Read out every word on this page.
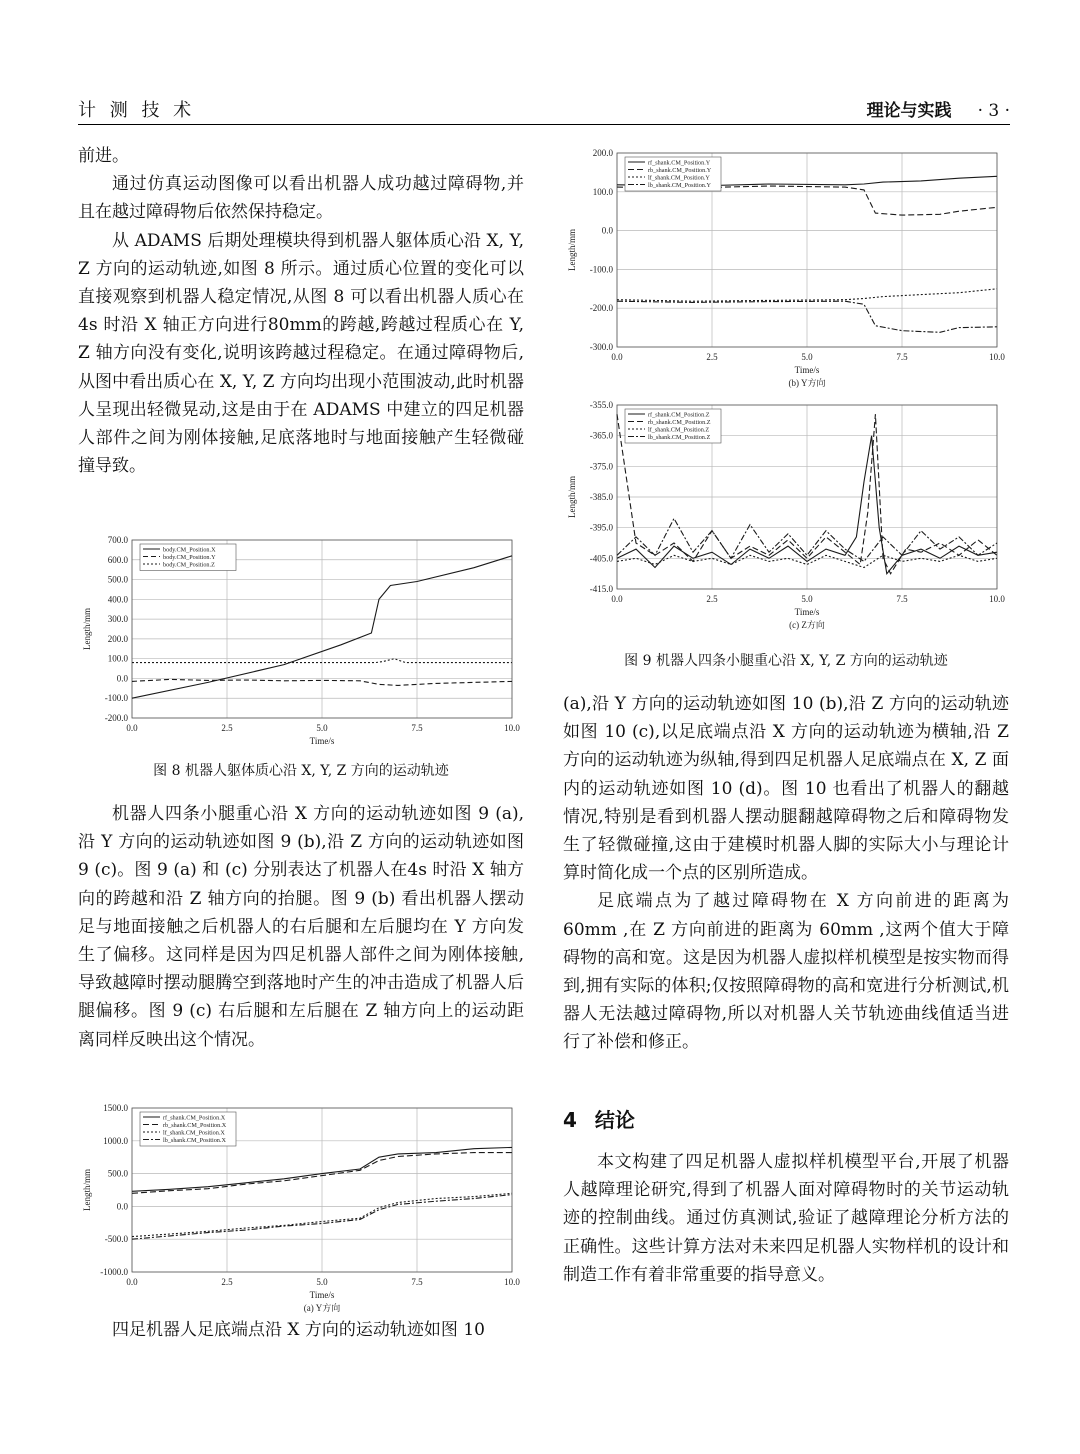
计 测 技 术	理论与实践 · 3 ·

前进。

通过仿真运动图像可以看出机器人成功越过障碍物,并且在越过障碍物后依然保持稳定。

从 ADAMS 后期处理模块得到机器人躯体质心沿 X, Y, Z 方向的运动轨迹,如图 8 所示。通过质心位置的变化可以直接观察到机器人稳定情况,从图 8 可以看出机器人质心在4s 时沿 X 轴正方向进行80mm的跨越,跨越过程质心在 Y, Z 轴方向没有变化,说明该跨越过程稳定。在通过障碍物后,从图中看出质心在 X, Y, Z 方向均出现小范围波动,此时机器人呈现出轻微晃动,这是由于在 ADAMS 中建立的四足机器人部件之间为刚体接触,足底落地时与地面接触产生轻微碰撞导致。

-200.0
-100.0
0.0
100.0
200.0
300.0
400.0
500.0
600.0
700.0
0.0	2.5	5.0	7.5	10.0
Time/s
Length/mm
body.CM_Position.X
body.CM_Position.Y
body.CM_Position.Z
图 8 机器人躯体质心沿 X, Y, Z 方向的运动轨迹

机器人四条小腿重心沿 X 方向的运动轨迹如图 9 (a),沿 Y 方向的运动轨迹如图 9 (b),沿 Z 方向的运动轨迹如图 9 (c)。图 9 (a) 和 (c) 分别表达了机器人在4s 时沿 X 轴方向的跨越和沿 Z 轴方向的抬腿。图 9 (b) 看出机器人摆动足与地面接触之后机器人的右后腿和左后腿均在 Y 方向发生了偏移。这同样是因为四足机器人部件之间为刚体接触,导致越障时摆动腿腾空到落地时产生的冲击造成了机器人后腿偏移。图 9 (c) 右后腿和左后腿在 Z 轴方向上的运动距离同样反映出这个情况。

-1000.0
-500.0
0.0
500.0
1000.0
1500.0
0.0	2.5	5.0	7.5	10.0
Time/s
Length/mm
(a) Y方向
rf_shank.CM_Position.X
rb_shank.CM_Position.X
lf_shank.CM_Position.X
lb_shank.CM_Position.X

四足机器人足底端点沿 X 方向的运动轨迹如图 10

-300.0
-200.0
-100.0
0.0
100.0
200.0
0.0	2.5	5.0	7.5	10.0
Time/s
Length/mm
(b) Y方向
rf_shank.CM_Position.Y
rb_shank.CM_Position.Y
lf_shank.CM_Position.Y
lb_shank.CM_Position.Y
-415.0
-405.0
-395.0
-385.0
-375.0
-365.0
-355.0
0.0	2.5	5.0	7.5	10.0
Time/s
Length/mm
(c) Z方向
rf_shank.CM_Position.Z
rb_shank.CM_Position.Z
lf_shank.CM_Position.Z
lb_shank.CM_Position.Z
图 9 机器人四条小腿重心沿 X, Y, Z 方向的运动轨迹

(a),沿 Y 方向的运动轨迹如图 10 (b),沿 Z 方向的运动轨迹如图 10 (c),以足底端点沿 X 方向的运动轨迹为横轴,沿 Z 方向的运动轨迹为纵轴,得到四足机器人足底端点在 X, Z 面内的运动轨迹如图 10 (d)。图 10 也看出了机器人的翻越情况,特别是看到机器人摆动腿翻越障碍物之后和障碍物发生了轻微碰撞,这由于建模时机器人脚的实际大小与理论计算时简化成一个点的区别所造成。

足底端点为了越过障碍物在 X 方向前进的距离为 60mm ,在 Z 方向前进的距离为 60mm ,这两个值大于障碍物的高和宽。这是因为机器人虚拟样机模型是按实物而得到,拥有实际的体积;仅按照障碍物的高和宽进行分析测试,机器人无法越过障碍物,所以对机器人关节轨迹曲线值适当进行了补偿和修正。

4 结论

本文构建了四足机器人虚拟样机模型平台,开展了机器人越障理论研究,得到了机器人面对障碍物时的关节运动轨迹的控制曲线。通过仿真测试,验证了越障理论分析方法的正确性。这些计算方法对未来四足机器人实物样机的设计和制造工作有着非常重要的指导意义。
